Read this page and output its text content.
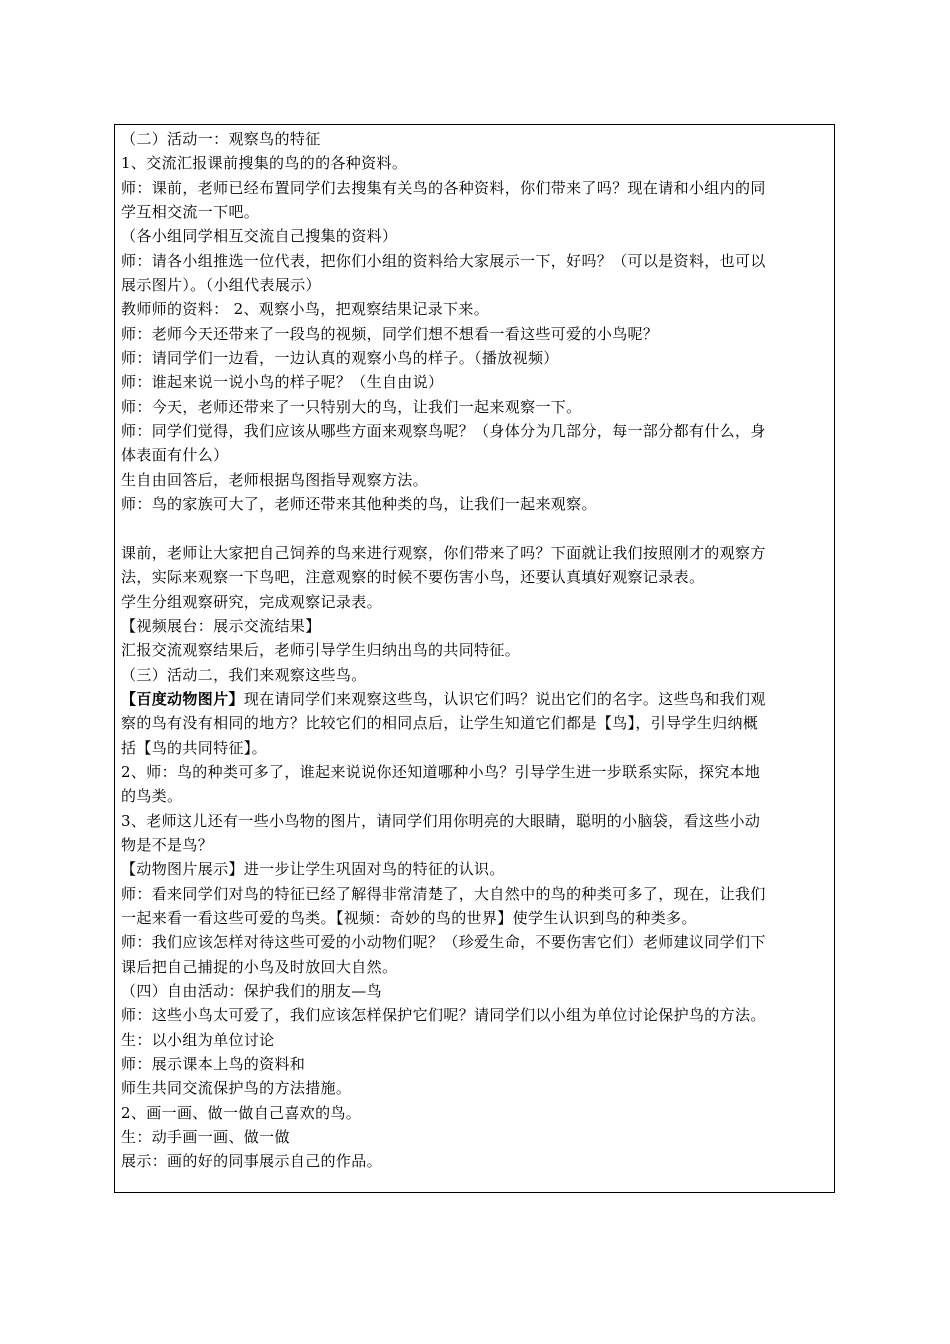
（二）活动一：观察鸟的特征
1、交流汇报课前搜集的鸟的的各种资料。
师：课前，老师已经布置同学们去搜集有关鸟的各种资料，你们带来了吗？现在请和小组内的同
学互相交流一下吧。
（各小组同学相互交流自己搜集的资料）
师：请各小组推选一位代表，把你们小组的资料给大家展示一下，好吗？（可以是资料，也可以
展示图片）。（小组代表展示）
教师师的资料： 2、观察小鸟，把观察结果记录下来。
师：老师今天还带来了一段鸟的视频，同学们想不想看一看这些可爱的小鸟呢？
师：请同学们一边看，一边认真的观察小鸟的样子。（播放视频）
师：谁起来说一说小鸟的样子呢？（生自由说）
师：今天，老师还带来了一只特别大的鸟，让我们一起来观察一下。
师：同学们觉得，我们应该从哪些方面来观察鸟呢？（身体分为几部分，每一部分都有什么，身
体表面有什么）
生自由回答后，老师根据鸟图指导观察方法。
师：鸟的家族可大了，老师还带来其他种类的鸟，让我们一起来观察。
课前，老师让大家把自己饲养的鸟来进行观察，你们带来了吗？下面就让我们按照刚才的观察方
法，实际来观察一下鸟吧，注意观察的时候不要伤害小鸟，还要认真填好观察记录表。
学生分组观察研究，完成观察记录表。
【视频展台：展示交流结果】
汇报交流观察结果后，老师引导学生归纳出鸟的共同特征。
（三）活动二，我们来观察这些鸟。
【百度动物图片】现在请同学们来观察这些鸟，认识它们吗？说出它们的名字。这些鸟和我们观
察的鸟有没有相同的地方？比较它们的相同点后，让学生知道它们都是【鸟】，引导学生归纳概
括【鸟的共同特征】。
2、师：鸟的种类可多了，谁起来说说你还知道哪种小鸟？引导学生进一步联系实际，探究本地
的鸟类。
3、老师这儿还有一些小鸟物的图片，请同学们用你明亮的大眼睛，聪明的小脑袋，看这些小动
物是不是鸟？
【动物图片展示】进一步让学生巩固对鸟的特征的认识。
师：看来同学们对鸟的特征已经了解得非常清楚了，大自然中的鸟的种类可多了，现在，让我们
一起来看一看这些可爱的鸟类。【视频：奇妙的鸟的世界】使学生认识到鸟的种类多。
师：我们应该怎样对待这些可爱的小动物们呢？（珍爱生命，不要伤害它们）老师建议同学们下
课后把自己捕捉的小鸟及时放回大自然。
（四）自由活动：保护我们的朋友—鸟
师：这些小鸟太可爱了，我们应该怎样保护它们呢？请同学们以小组为单位讨论保护鸟的方法。
生：以小组为单位讨论
师：展示课本上鸟的资料和
师生共同交流保护鸟的方法措施。
2、画一画、做一做自己喜欢的鸟。
生：动手画一画、做一做
展示：画的好的同事展示自己的作品。
